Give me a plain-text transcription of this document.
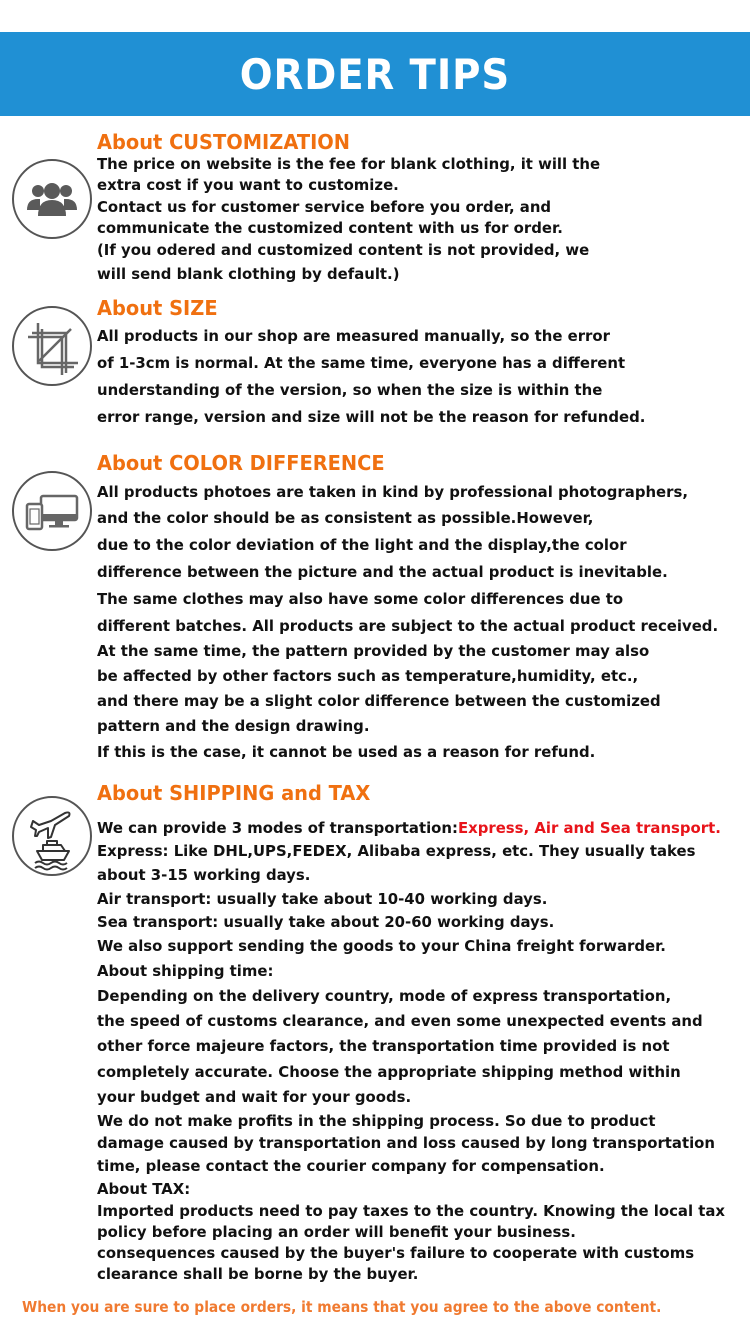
ORDER TIPS
About CUSTOMIZATION
The price on website is the fee for blank clothing, it will the
extra cost if you want to customize.
Contact us for customer service before you order, and
communicate the customized content with us for order.
(If you odered and customized content is not provided, we
will send blank clothing by default.)
About SIZE
All products in our shop are measured manually, so the error
of 1-3cm is normal. At the same time, everyone has a different
understanding of the version, so when the size is within the
error range, version and size will not be the reason for refunded.
About COLOR DIFFERENCE
All products photoes are taken in kind by professional photographers,
and the color should be as consistent as possible.However,
due to the color deviation of the light and the display,the color
difference between the picture and the actual product is inevitable.
The same clothes may also have some color differences due to
different batches. All products are subject to the actual product received.
At the same time, the pattern provided by the customer may also
be affected by other factors such as temperature,humidity, etc.,
and there may be a slight color difference between the customized
pattern and the design drawing.
If this is the case, it cannot be used as a reason for refund.
About SHIPPING and TAX
We can provide 3 modes of transportation:Express, Air and Sea transport.
Express: Like DHL,UPS,FEDEX, Alibaba express, etc. They usually takes
about 3-15 working days.
Air transport: usually take about 10-40 working days.
Sea transport: usually take about 20-60 working days.
We also support sending the goods to your China freight forwarder.
About shipping time:
Depending on the delivery country, mode of express transportation,
the speed of customs clearance, and even some unexpected events and
other force majeure factors, the transportation time provided is not
completely accurate. Choose the appropriate shipping method within
your budget and wait for your goods.
We do not make profits in the shipping process. So due to product
damage caused by transportation and loss caused by long transportation
time, please contact the courier company for compensation.
About TAX:
Imported products need to pay taxes to the country. Knowing the local tax
policy before placing an order will benefit your business.
consequences caused by the buyer's failure to cooperate with customs
clearance shall be borne by the buyer.
When you are sure to place orders, it means that you agree to the above content.
